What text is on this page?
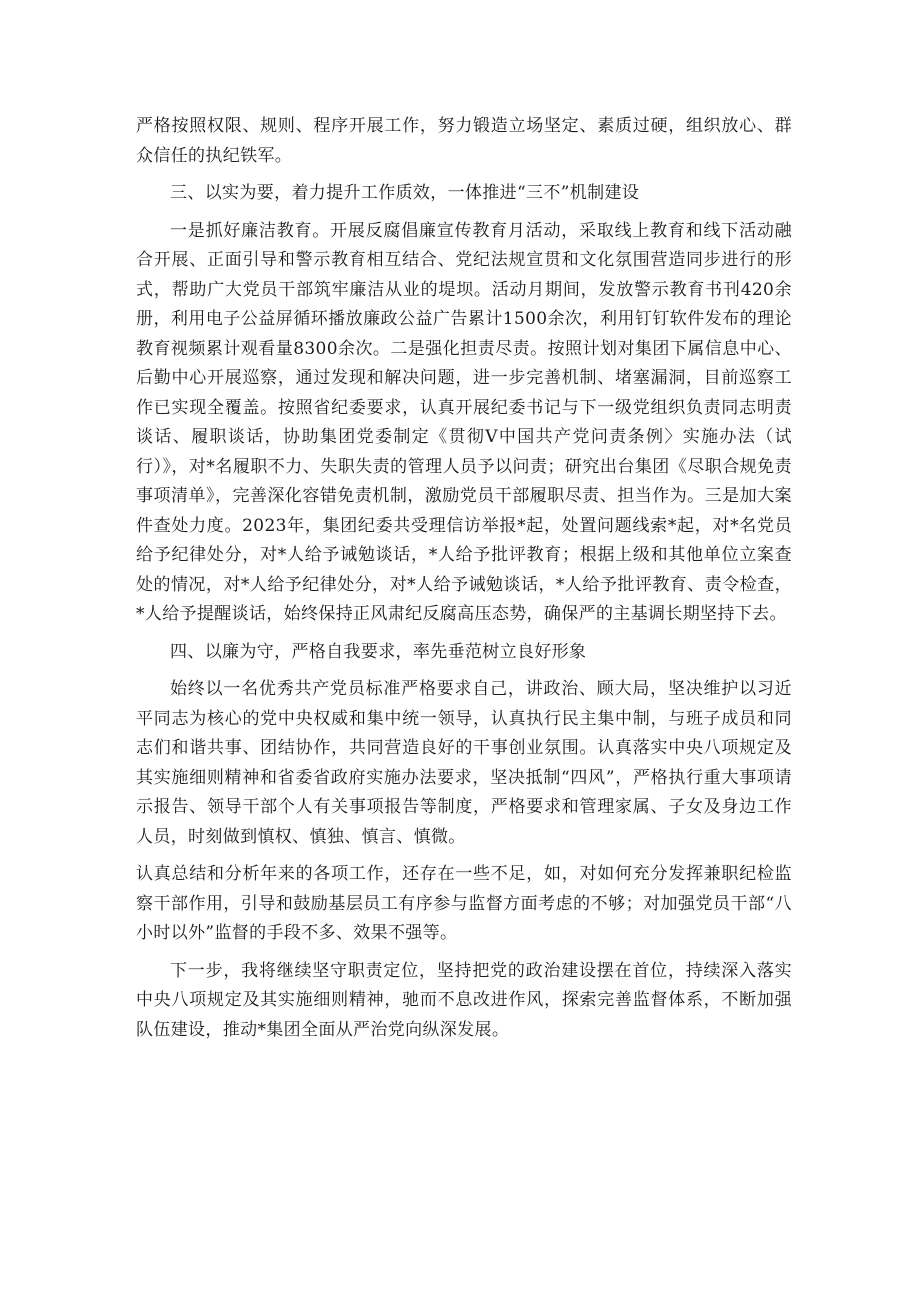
严格按照权限、规则、程序开展工作，努力锻造立场坚定、素质过硬，组织放心、群众信任的执纪铁军。

三、以实为要，着力提升工作质效，一体推进“三不”机制建设

一是抓好廉洁教育。开展反腐倡廉宣传教育月活动，采取线上教育和线下活动融合开展、正面引导和警示教育相互结合、党纪法规宣贯和文化氛围营造同步进行的形式，帮助广大党员干部筑牢廉洁从业的堤坝。活动月期间，发放警示教育书刊420余册，利用电子公益屏循环播放廉政公益广告累计1500余次，利用钉钉软件发布的理论教育视频累计观看量8300余次。二是强化担责尽责。按照计划对集团下属信息中心、后勤中心开展巡察，通过发现和解决问题，进一步完善机制、堵塞漏洞，目前巡察工作已实现全覆盖。按照省纪委要求，认真开展纪委书记与下一级党组织负责同志明责谈话、履职谈话，协助集团党委制定《贯彻V中国共产党问责条例〉实施办法（试行）》，对*名履职不力、失职失责的管理人员予以问责；研究出台集团《尽职合规免责事项清单》，完善深化容错免责机制，激励党员干部履职尽责、担当作为。三是加大案件查处力度。2023年，集团纪委共受理信访举报*起，处置问题线索*起，对*名党员给予纪律处分，对*人给予诫勉谈话，*人给予批评教育；根据上级和其他单位立案查处的情况，对*人给予纪律处分，对*人给予诫勉谈话，*人给予批评教育、责令检查，*人给予提醒谈话，始终保持正风肃纪反腐高压态势，确保严的主基调长期坚持下去。

四、以廉为守，严格自我要求，率先垂范树立良好形象

始终以一名优秀共产党员标准严格要求自己，讲政治、顾大局，坚决维护以习近平同志为核心的党中央权威和集中统一领导，认真执行民主集中制，与班子成员和同志们和谐共事、团结协作，共同营造良好的干事创业氛围。认真落实中央八项规定及其实施细则精神和省委省政府实施办法要求，坚决抵制“四风”，严格执行重大事项请示报告、领导干部个人有关事项报告等制度，严格要求和管理家属、子女及身边工作人员，时刻做到慎权、慎独、慎言、慎微。

认真总结和分析年来的各项工作，还存在一些不足，如，对如何充分发挥兼职纪检监察干部作用，引导和鼓励基层员工有序参与监督方面考虑的不够；对加强党员干部“八小时以外”监督的手段不多、效果不强等。

下一步，我将继续坚守职责定位，坚持把党的政治建设摆在首位，持续深入落实中央八项规定及其实施细则精神，驰而不息改进作风，探索完善监督体系，不断加强队伍建设，推动*集团全面从严治党向纵深发展。
